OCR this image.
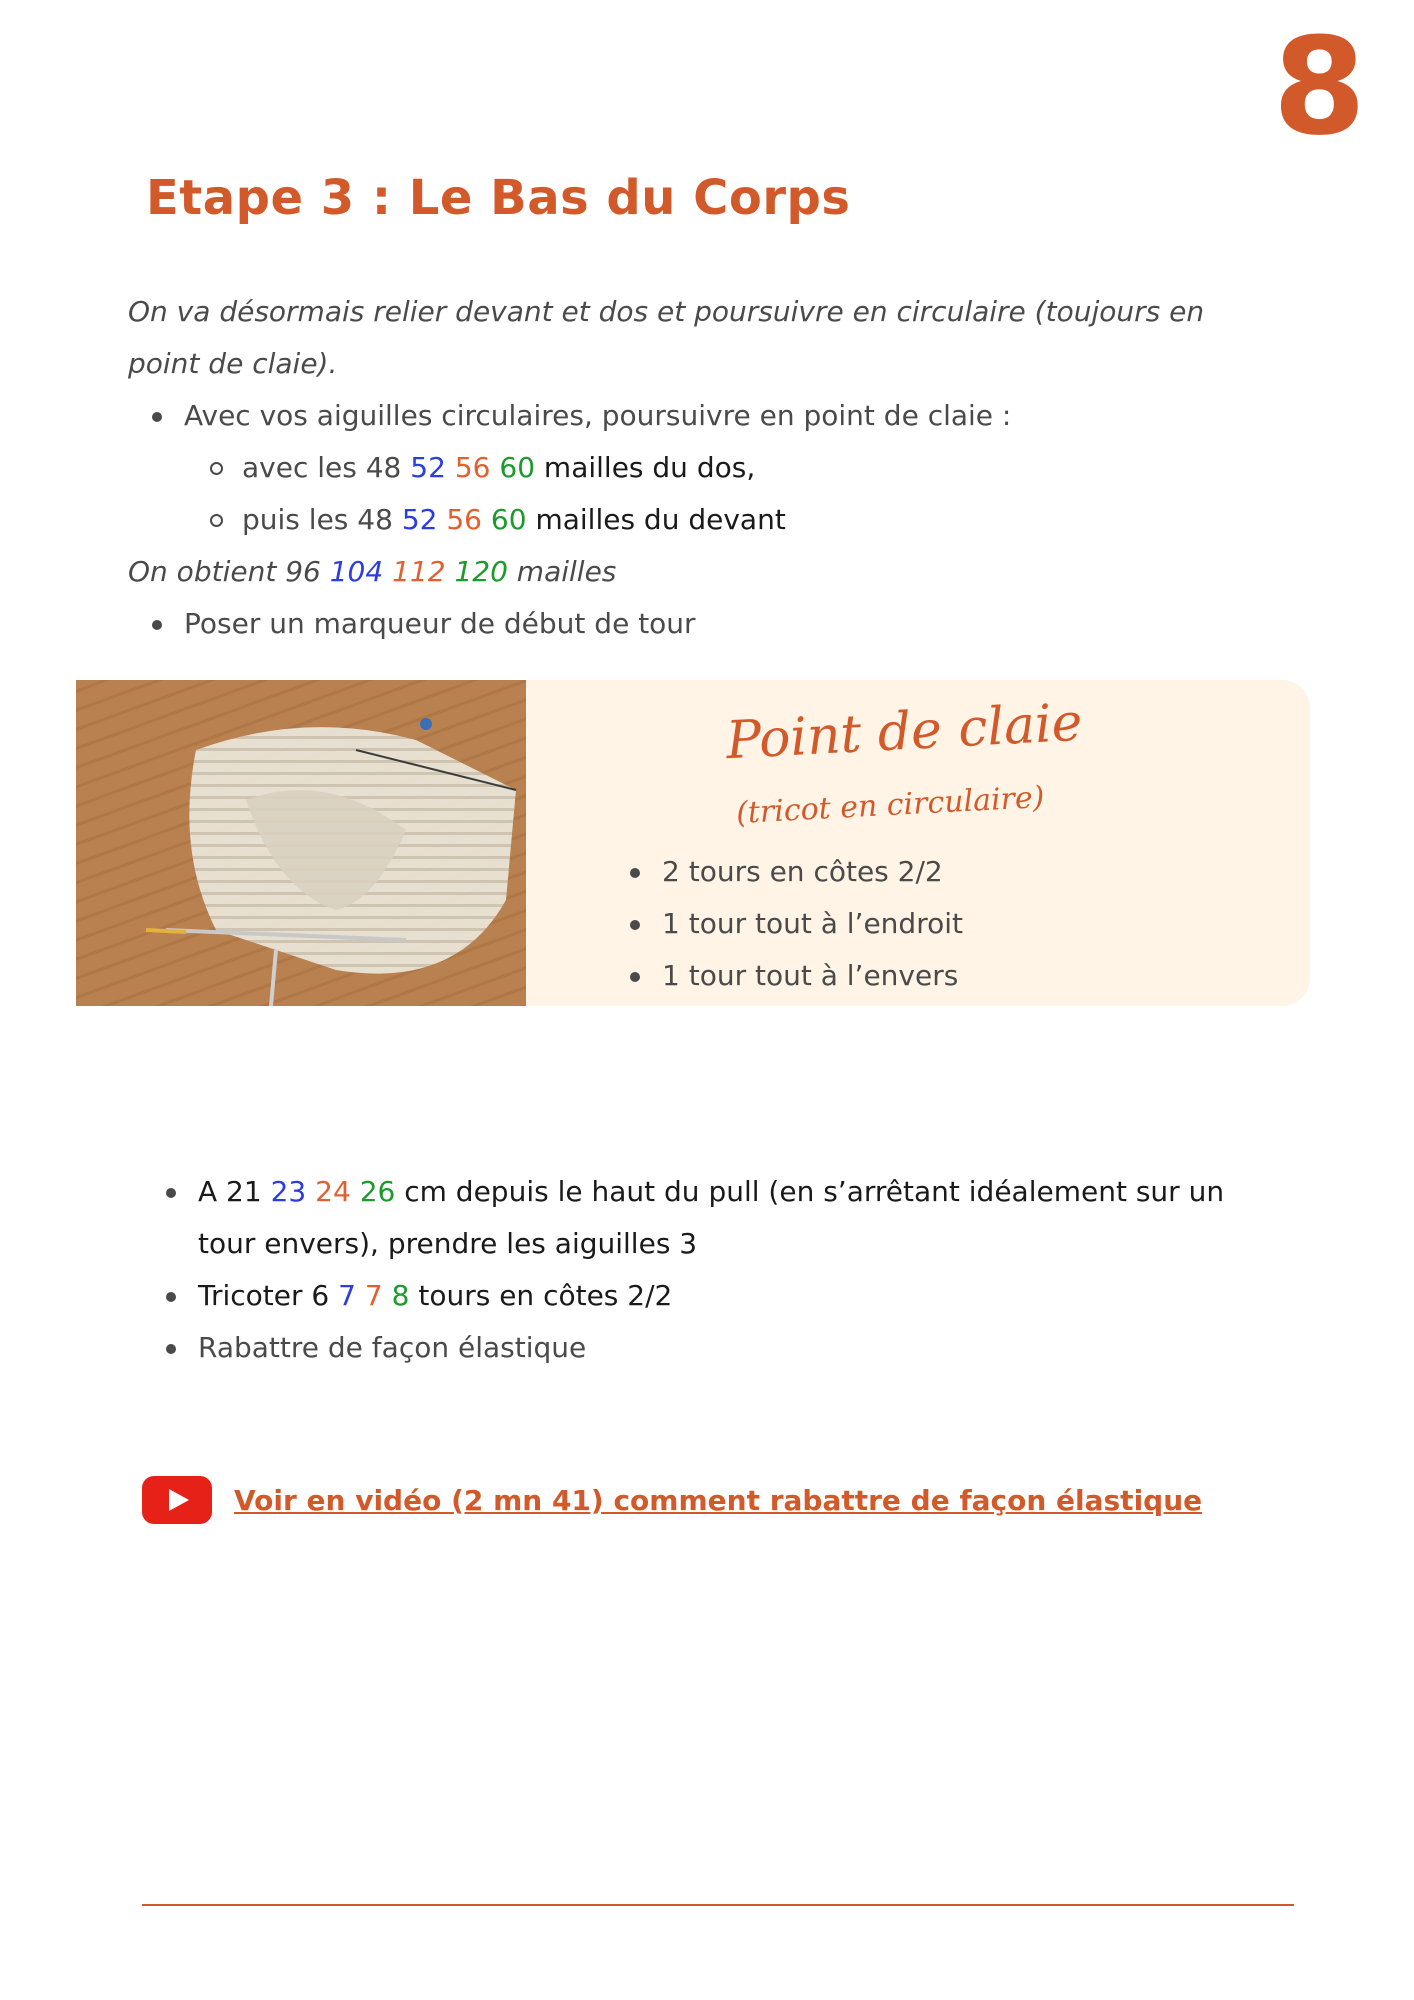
8
Etape 3 : Le Bas du Corps

On va désormais relier devant et dos et poursuivre en circulaire (toujours en

point de claie).

Avec vos aiguilles circulaires, poursuivre en point de claie :
avec les 48 52 56 60 mailles du dos,
puis les 48 52 56 60 mailles du devant

On obtient 96 104 112 120 mailles

Poser un marqueur de début de tour
Point de claie
(tricot en circulaire)
2 tours en côtes 2/2
1 tour tout à l’endroit
1 tour tout à l’envers
A 21 23 24 26 cm depuis le haut du pull (en s’arrêtant idéalement sur un
tour envers), prendre les aiguilles 3
Tricoter 6 7 7 8 tours en côtes 2/2
Rabattre de façon élastique
Voir en vidéo (2 mn 41) comment rabattre de façon élastique
